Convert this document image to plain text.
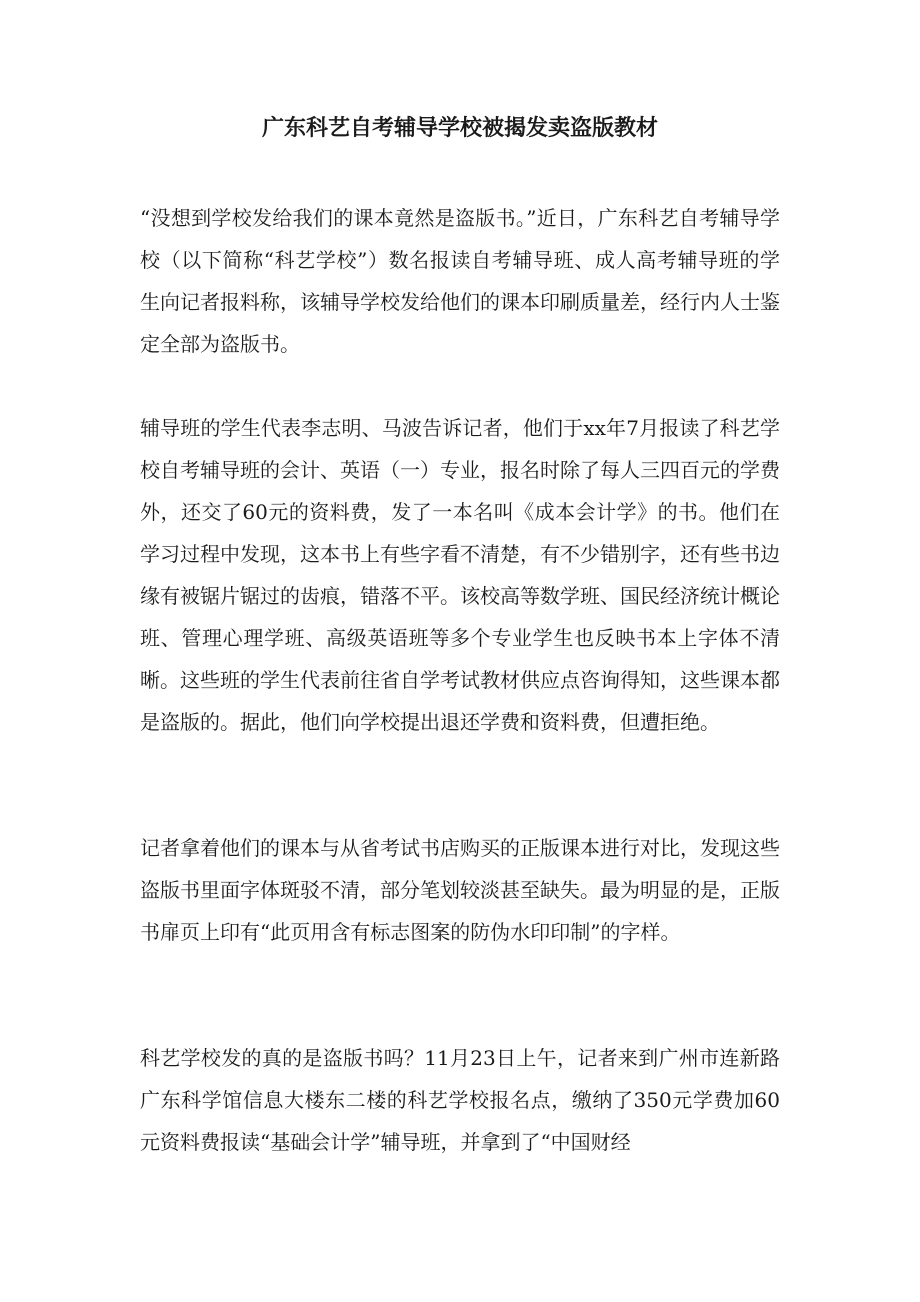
广东科艺自考辅导学校被揭发卖盗版教材

“没想到学校发给我们的课本竟然是盗版书。”近日，广东科艺自考辅导学校（以下简称“科艺学校”）数名报读自考辅导班、成人高考辅导班的学生向记者报料称，该辅导学校发给他们的课本印刷质量差，经行内人士鉴定全部为盗版书。

辅导班的学生代表李志明、马波告诉记者，他们于xx年7月报读了科艺学校自考辅导班的会计、英语（一）专业，报名时除了每人三四百元的学费外，还交了60元的资料费，发了一本名叫《成本会计学》的书。他们在学习过程中发现，这本书上有些字看不清楚，有不少错别字，还有些书边缘有被锯片锯过的齿痕，错落不平。该校高等数学班、国民经济统计概论班、管理心理学班、高级英语班等多个专业学生也反映书本上字体不清晰。这些班的学生代表前往省自学考试教材供应点咨询得知，这些课本都是盗版的。据此，他们向学校提出退还学费和资料费，但遭拒绝。

记者拿着他们的课本与从省考试书店购买的正版课本进行对比，发现这些盗版书里面字体斑驳不清，部分笔划较淡甚至缺失。最为明显的是，正版书扉页上印有“此页用含有标志图案的防伪水印印制”的字样。

科艺学校发的真的是盗版书吗？11月23日上午，记者来到广州市连新路广东科学馆信息大楼东二楼的科艺学校报名点，缴纳了350元学费加60元资料费报读“基础会计学”辅导班，并拿到了“中国财经
